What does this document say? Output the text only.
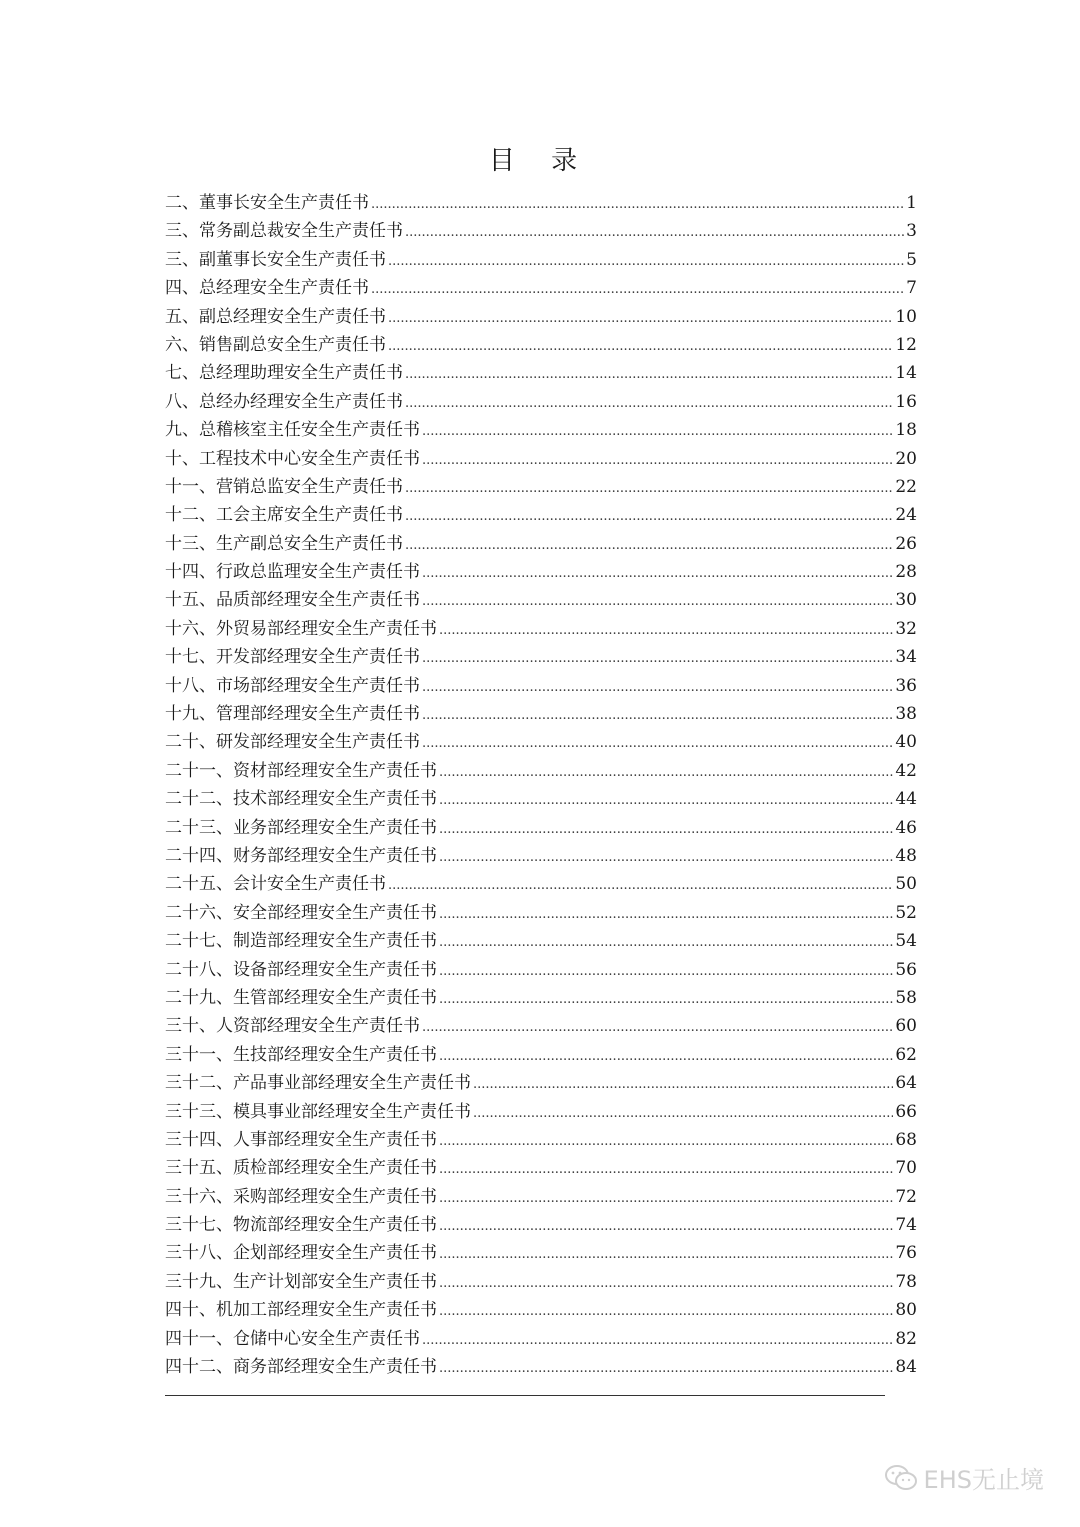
目 录
二、董事长安全生产责任书 .....	1
三、常务副总裁安全生产责任书 .....	3
三、副董事长安全生产责任书 .....	5
四、总经理安全生产责任书 .....	7
五、副总经理安全生产责任书 .....	10
六、销售副总安全生产责任书 .....	12
七、总经理助理安全生产责任书 .....	14
八、总经办经理安全生产责任书 .....	16
九、总稽核室主任安全生产责任书 .....	18
十、工程技术中心安全生产责任书 .....	20
十一、营销总监安全生产责任书 .....	22
十二、工会主席安全生产责任书 .....	24
十三、生产副总安全生产责任书 .....	26
十四、行政总监理安全生产责任书 .....	28
十五、品质部经理安全生产责任书 .....	30
十六、外贸易部经理安全生产责任书 .....	32
十七、开发部经理安全生产责任书 .....	34
十八、市场部经理安全生产责任书 .....	36
十九、管理部经理安全生产责任书 .....	38
二十、研发部经理安全生产责任书 .....	40
二十一、资材部经理安全生产责任书 .....	42
二十二、技术部经理安全生产责任书 .....	44
二十三、业务部经理安全生产责任书 .....	46
二十四、财务部经理安全生产责任书 .....	48
二十五、会计安全生产责任书 .....	50
二十六、安全部经理安全生产责任书 .....	52
二十七、制造部经理安全生产责任书 .....	54
二十八、设备部经理安全生产责任书 .....	56
二十九、生管部经理安全生产责任书 .....	58
三十、人资部经理安全生产责任书 .....	60
三十一、生技部经理安全生产责任书 .....	62
三十二、产品事业部经理安全生产责任书 .....	64
三十三、模具事业部经理安全生产责任书 .....	66
三十四、人事部经理安全生产责任书 .....	68
三十五、质检部经理安全生产责任书 .....	70
三十六、采购部经理安全生产责任书 .....	72
三十七、物流部经理安全生产责任书 .....	74
三十八、企划部经理安全生产责任书 .....	76
三十九、生产计划部安全生产责任书 .....	78
四十、机加工部经理安全生产责任书 .....	80
四十一、仓储中心安全生产责任书 .....	82
四十二、商务部经理安全生产责任书 .....	84
EHS无止境
